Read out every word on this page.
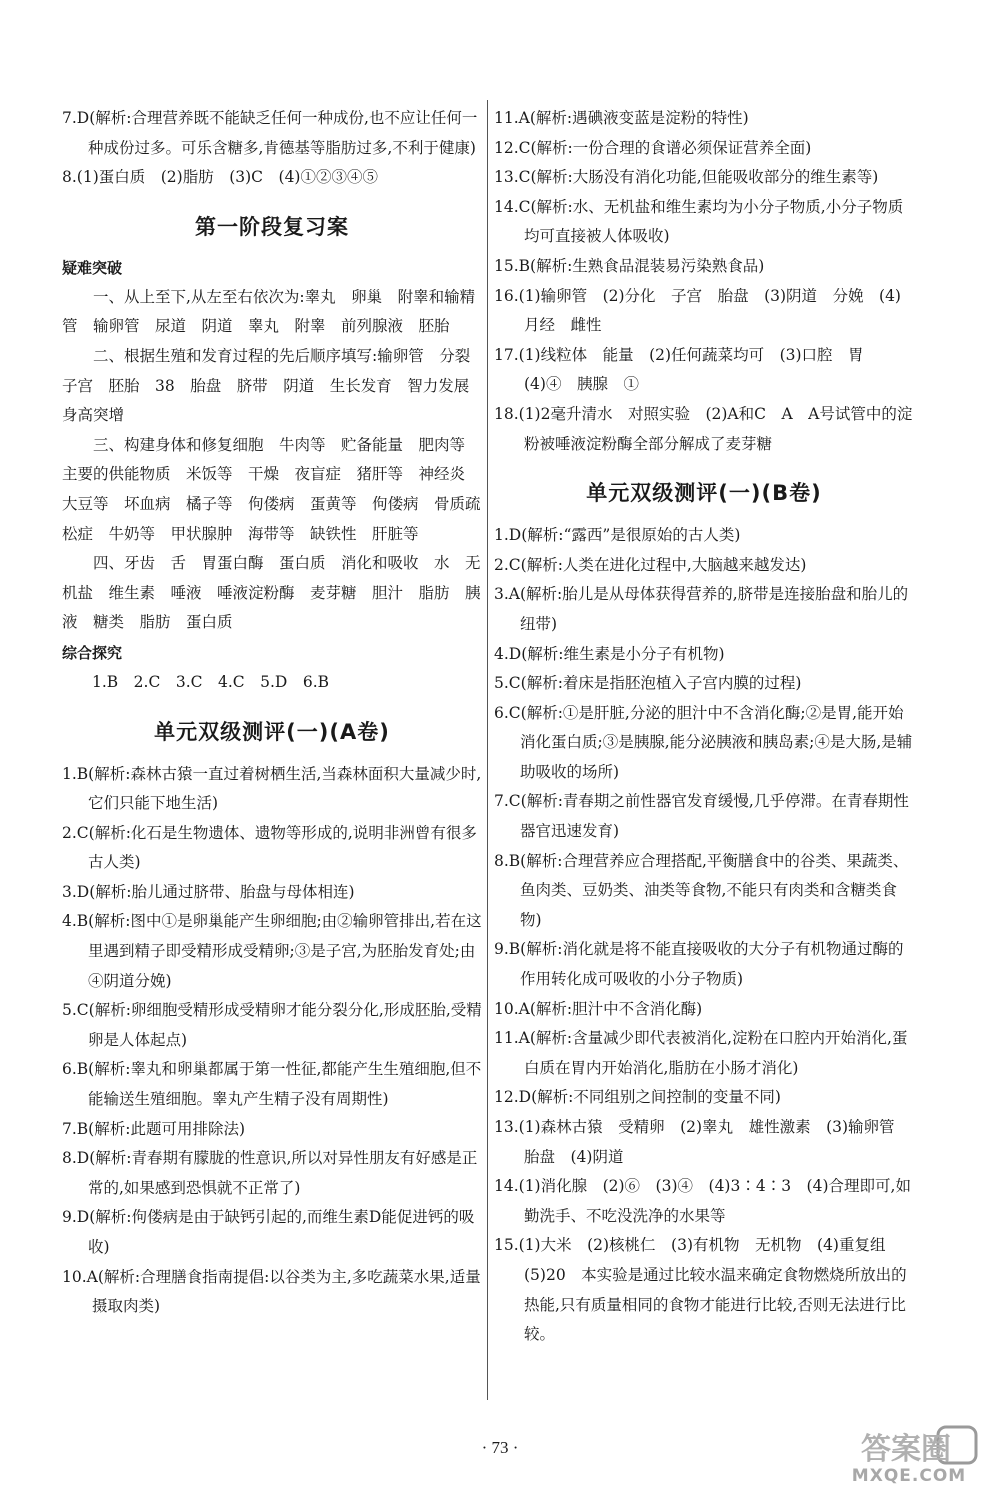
7.D(解析:合理营养既不能缺乏任何一种成份,也不应让任何一种成份过多。可乐含糖多,肯德基等脂肪过多,不利于健康)

8.(1)蛋白质　(2)脂肪　(3)C　(4)①②③④⑤

第一阶段复习案
疑难突破

一、从上至下,从左至右依次为:睾丸　卵巢　附睾和输精管　输卵管　尿道　阴道　睾丸　附睾　前列腺液　胚胎

二、根据生殖和发育过程的先后顺序填写:输卵管　分裂　子宫　胚胎　38　胎盘　脐带　阴道　生长发育　智力发展　身高突增

三、构建身体和修复细胞　牛肉等　贮备能量　肥肉等　主要的供能物质　米饭等　干燥　夜盲症　猪肝等　神经炎　大豆等　坏血病　橘子等　佝偻病　蛋黄等　佝偻病　骨质疏松症　牛奶等　甲状腺肿　海带等　缺铁性　肝脏等

四、牙齿　舌　胃蛋白酶　蛋白质　消化和吸收　水　无机盐　维生素　唾液　唾液淀粉酶　麦芽糖　胆汁　脂肪　胰液　糖类　脂肪　蛋白质

综合探究

1.B　2.C　3.C　4.C　5.D　6.B

单元双级测评(一)(A卷)

1.B(解析:森林古猿一直过着树栖生活,当森林面积大量减少时,它们只能下地生活)

2.C(解析:化石是生物遗体、遗物等形成的,说明非洲曾有很多古人类)

3.D(解析:胎儿通过脐带、胎盘与母体相连)

4.B(解析:图中①是卵巢能产生卵细胞;由②输卵管排出,若在这里遇到精子即受精形成受精卵;③是子宫,为胚胎发育处;由④阴道分娩)

5.C(解析:卵细胞受精形成受精卵才能分裂分化,形成胚胎,受精卵是人体起点)

6.B(解析:睾丸和卵巢都属于第一性征,都能产生生殖细胞,但不能输送生殖细胞。睾丸产生精子没有周期性)

7.B(解析:此题可用排除法)

8.D(解析:青春期有朦胧的性意识,所以对异性朋友有好感是正常的,如果感到恐惧就不正常了)

9.D(解析:佝偻病是由于缺钙引起的,而维生素D能促进钙的吸收)

10.A(解析:合理膳食指南提倡:以谷类为主,多吃蔬菜水果,适量摄取肉类)

11.A(解析:遇碘液变蓝是淀粉的特性)

12.C(解析:一份合理的食谱必须保证营养全面)

13.C(解析:大肠没有消化功能,但能吸收部分的维生素等)

14.C(解析:水、无机盐和维生素均为小分子物质,小分子物质均可直接被人体吸收)

15.B(解析:生熟食品混装易污染熟食品)

16.(1)输卵管　(2)分化　子宫　胎盘　(3)阴道　分娩　(4)月经　雌性

17.(1)线粒体　能量　(2)任何蔬菜均可　(3)口腔　胃　(4)④　胰腺　①

18.(1)2毫升清水　对照实验　(2)A和C　A　A号试管中的淀粉被唾液淀粉酶全部分解成了麦芽糖

单元双级测评(一)(B卷)

1.D(解析:“露西”是很原始的古人类)

2.C(解析:人类在进化过程中,大脑越来越发达)

3.A(解析:胎儿是从母体获得营养的,脐带是连接胎盘和胎儿的纽带)

4.D(解析:维生素是小分子有机物)

5.C(解析:着床是指胚泡植入子宫内膜的过程)

6.C(解析:①是肝脏,分泌的胆汁中不含消化酶;②是胃,能开始消化蛋白质;③是胰腺,能分泌胰液和胰岛素;④是大肠,是辅助吸收的场所)

7.C(解析:青春期之前性器官发育缓慢,几乎停滞。在青春期性器官迅速发育)

8.B(解析:合理营养应合理搭配,平衡膳食中的谷类、果蔬类、鱼肉类、豆奶类、油类等食物,不能只有肉类和含糖类食物)

9.B(解析:消化就是将不能直接吸收的大分子有机物通过酶的作用转化成可吸收的小分子物质)

10.A(解析:胆汁中不含消化酶)

11.A(解析:含量减少即代表被消化,淀粉在口腔内开始消化,蛋白质在胃内开始消化,脂肪在小肠才消化)

12.D(解析:不同组别之间控制的变量不同)

13.(1)森林古猿　受精卵　(2)睾丸　雄性激素　(3)输卵管　胎盘　(4)阴道

14.(1)消化腺　(2)⑥　(3)④　(4)3∶4∶3　(4)合理即可,如勤洗手、不吃没洗净的水果等

15.(1)大米　(2)核桃仁　(3)有机物　无机物　(4)重复组　(5)20　本实验是通过比较水温来确定食物燃烧所放出的热能,只有质量相同的食物才能进行比较,否则无法进行比较。

· 73 ·	答案圈
MXQE.COM
